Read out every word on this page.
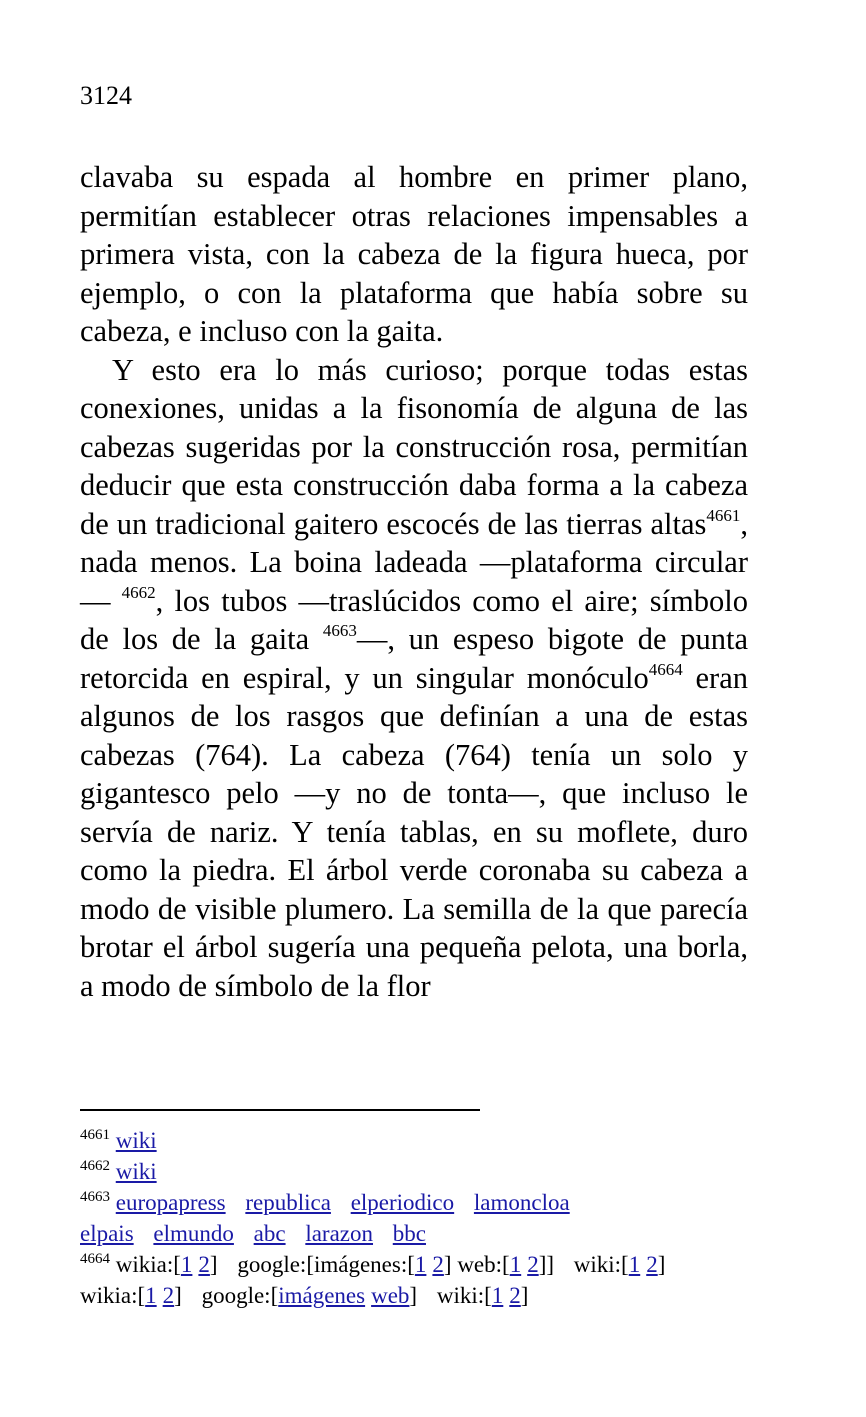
3124

clavaba su espada al hombre en primer plano, permitían establecer otras relaciones impensables a primera vista, con la cabeza de la figura hueca, por ejemplo, o con la plataforma que había sobre su cabeza, e incluso con la gaita.

Y esto era lo más curioso; porque todas estas conexiones, unidas a la fisonomía de alguna de las cabezas sugeridas por la construcción rosa, permitían deducir que esta construcción daba forma a la cabeza de un tradicional gaitero escocés de las tierras altas$^{4661}$, nada menos. La boina ladeada —plataforma circular— $^{4662}$, los tubos —traslúcidos como el aire; símbolo de los de la gaita $^{4663}$—, un espeso bigote de punta retorcida en espiral, y un singular monóculo$^{4664}$ eran algunos de los rasgos que definían a una de estas cabezas (764). La cabeza (764) tenía un solo y gigantesco pelo —y no de tonta—, que incluso le servía de nariz. Y tenía tablas, en su moflete, duro como la piedra. El árbol verde coronaba su cabeza a modo de visible plumero. La semilla de la que parecía brotar el árbol sugería una pequeña pelota, una borla, a modo de símbolo de la flor

$^{4661}$ wiki

$^{4662}$ wiki

$^{4663}$ europapress republica elperiodico lamoncloa

elpais elmundo abc larazon bbc

$^{4664}$ wikia:[1 2] google:[imágenes:[1 2] web:[1 2]] wiki:[1 2]

wikia:[1 2] google:[imágenes web] wiki:[1 2]
